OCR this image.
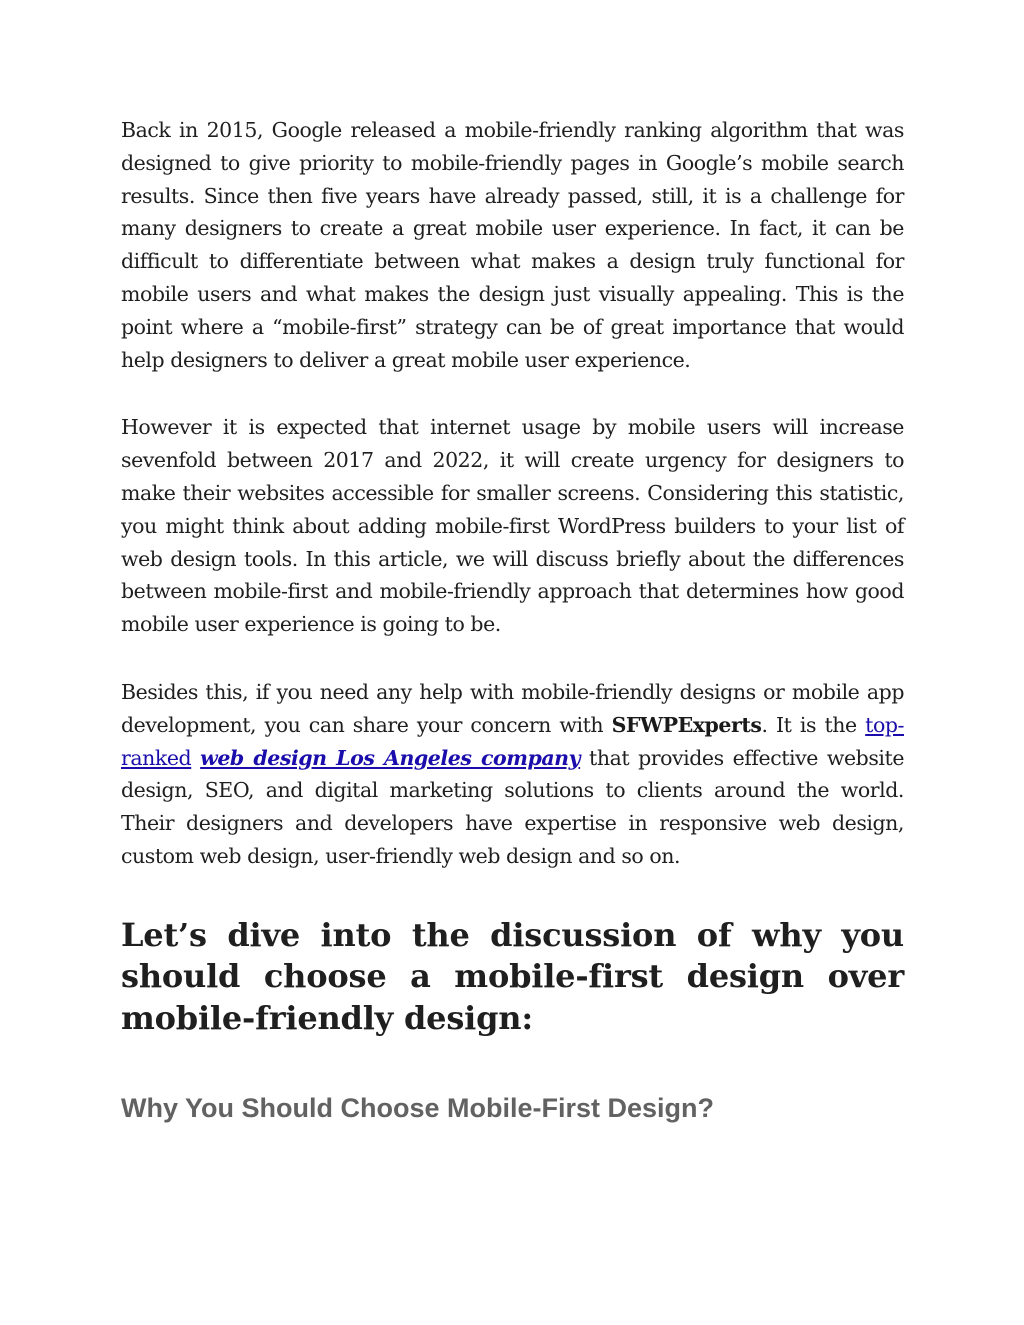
Back in 2015, Google released a mobile-friendly ranking algorithm that was designed to give priority to mobile-friendly pages in Google’s mobile search results. Since then five years have already passed, still, it is a challenge for many designers to create a great mobile user experience. In fact, it can be difficult to differentiate between what makes a design truly functional for mobile users and what makes the design just visually appealing. This is the point where a “mobile-first” strategy can be of great importance that would help designers to deliver a great mobile user experience.

However it is expected that internet usage by mobile users will increase sevenfold between 2017 and 2022, it will create urgency for designers to make their websites accessible for smaller screens. Considering this statistic, you might think about adding mobile-first WordPress builders to your list of web design tools. In this article, we will discuss briefly about the differences between mobile-first and mobile-friendly approach that determines how good mobile user experience is going to be.

Besides this, if you need any help with mobile-friendly designs or mobile app development, you can share your concern with SFWPExperts. It is the top-ranked web design Los Angeles company that provides effective website design, SEO, and digital marketing solutions to clients around the world. Their designers and developers have expertise in responsive web design, custom web design, user-friendly web design and so on.

Let’s dive into the discussion of why you should choose a mobile-first design over mobile-friendly design:
Why You Should Choose Mobile-First Design?
